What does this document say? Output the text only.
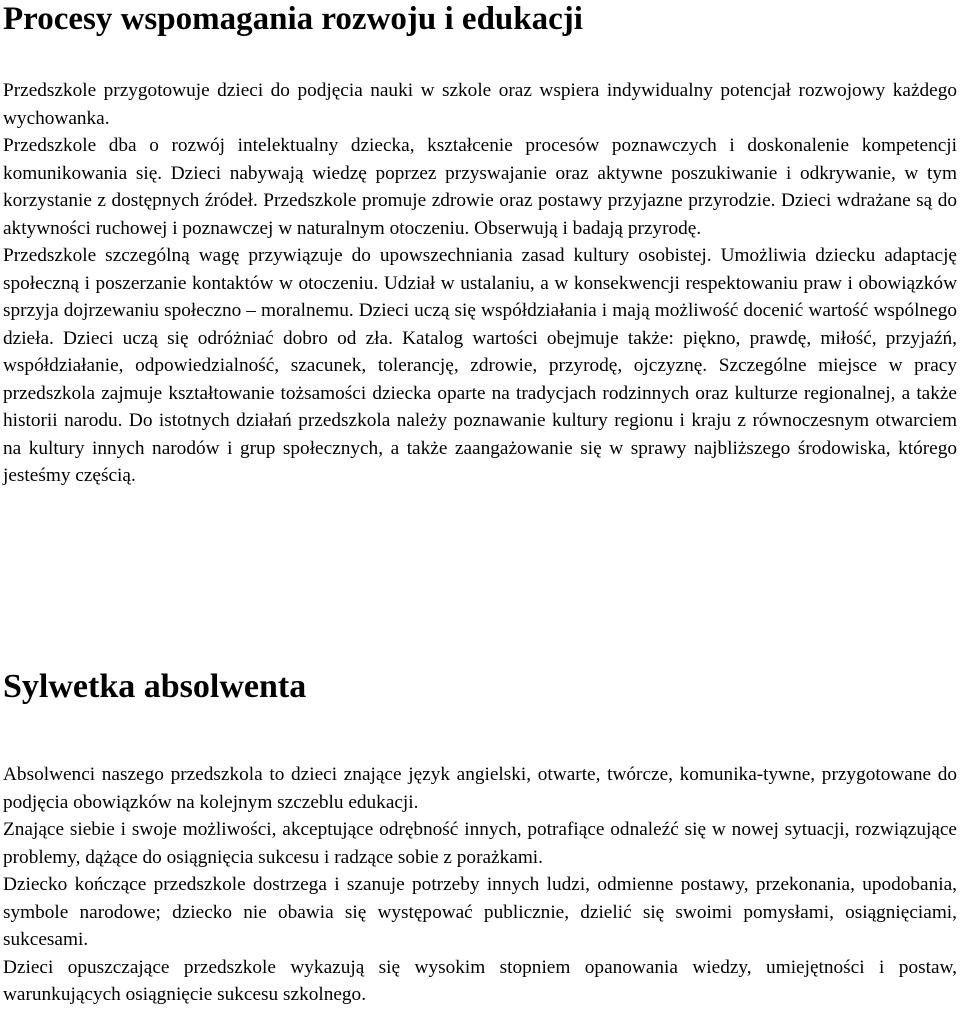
Procesy wspomagania rozwoju i edukacji

Przedszkole przygotowuje dzieci do podjęcia nauki w szkole oraz wspiera indywidualny potencjał rozwojowy każdego wychowanka.

Przedszkole dba o rozwój intelektualny dziecka, kształcenie procesów poznawczych i doskonalenie kompetencji komunikowania się. Dzieci nabywają wiedzę poprzez przyswajanie oraz aktywne poszukiwanie i odkrywanie, w tym korzystanie z dostępnych źródeł. Przedszkole promuje zdrowie oraz postawy przyjazne przyrodzie. Dzieci wdrażane są do aktywności ruchowej i poznawczej w naturalnym otoczeniu. Obserwują i badają przyrodę.

Przedszkole szczególną wagę przywiązuje do upowszechniania zasad kultury osobistej. Umożliwia dziecku adaptację społeczną i poszerzanie kontaktów w otoczeniu. Udział w ustalaniu, a w konsekwencji respektowaniu praw i obowiązków sprzyja dojrzewaniu społeczno – moralnemu. Dzieci uczą się współdziałania i mają możliwość docenić wartość wspólnego dzieła. Dzieci uczą się odróżniać dobro od zła. Katalog wartości obejmuje także: piękno, prawdę, miłość, przyjaźń, współdziałanie, odpowiedzialność, szacunek, tolerancję, zdrowie, przyrodę, ojczyznę. Szczególne miejsce w pracy przedszkola zajmuje kształtowanie tożsamości dziecka oparte na tradycjach rodzinnych oraz kulturze regionalnej, a także historii narodu. Do istotnych działań przedszkola należy poznawanie kultury regionu i kraju z równoczesnym otwarciem na kultury innych narodów i grup społecznych, a także zaangażowanie się w sprawy najbliższego środowiska, którego jesteśmy częścią.

Sylwetka absolwenta

Absolwenci naszego przedszkola to dzieci znające język angielski, otwarte, twórcze, komunika-tywne, przygotowane do podjęcia obowiązków na kolejnym szczeblu edukacji.

Znające siebie i swoje możliwości, akceptujące odrębność innych, potrafiące odnaleźć się w nowej sytuacji, rozwiązujące problemy, dążące do osiągnięcia sukcesu i radzące sobie z porażkami.

Dziecko kończące przedszkole dostrzega i szanuje potrzeby innych ludzi, odmienne postawy, przekonania, upodobania, symbole narodowe; dziecko nie obawia się występować publicznie, dzielić się swoimi pomysłami, osiągnięciami, sukcesami.

Dzieci opuszczające przedszkole wykazują się wysokim stopniem opanowania wiedzy, umiejętności i postaw, warunkujących osiągnięcie sukcesu szkolnego.
